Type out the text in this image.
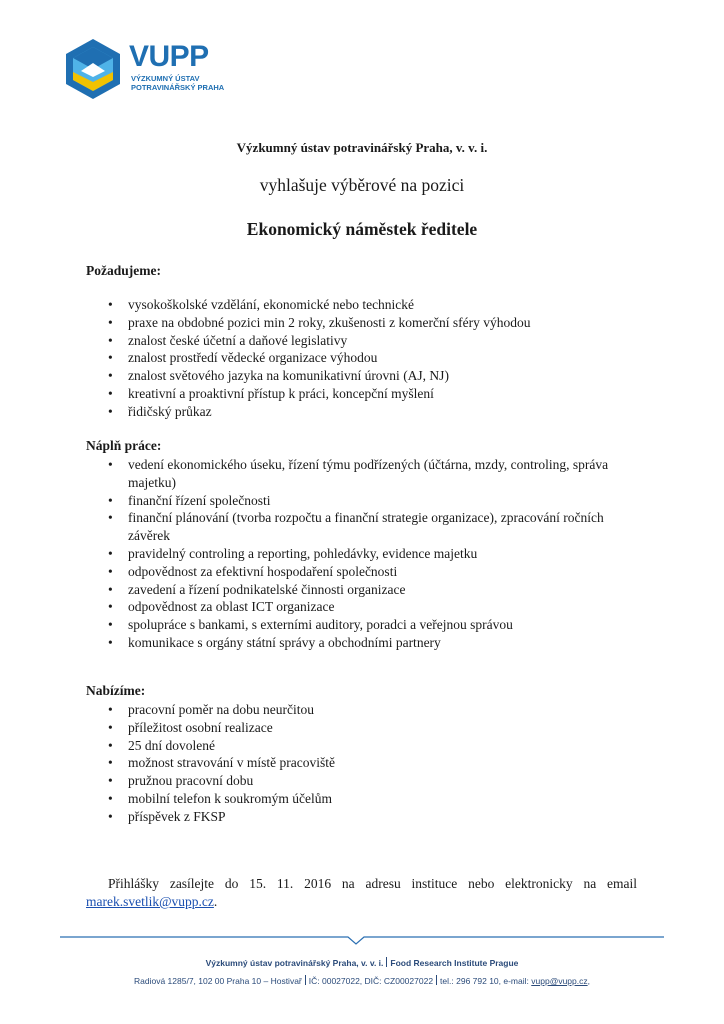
VUPP
VÝZKUMNÝ ÚSTAV
POTRAVINÁŘSKÝ PRAHA
Výzkumný ústav potravinářský Praha, v. v. i.
vyhlašuje výběrové na pozici
Ekonomický náměstek ředitele
Požadujeme:
• vysokoškolské vzdělání, ekonomické nebo technické
• praxe na obdobné pozici min 2 roky, zkušenosti z komerční sféry výhodou
• znalost české účetní a daňové legislativy
• znalost prostředí vědecké organizace výhodou
• znalost světového jazyka na komunikativní úrovni (AJ, NJ)
• kreativní a proaktivní přístup k práci, koncepční myšlení
• řidičský průkaz
Náplň práce:
• vedení ekonomického úseku, řízení týmu podřízených (účtárna, mzdy, controling, správa majetku)
• finanční řízení společnosti
• finanční plánování (tvorba rozpočtu a finanční strategie organizace), zpracování ročních závěrek
• pravidelný controling a reporting, pohledávky, evidence majetku
• odpovědnost za efektivní hospodaření společnosti
• zavedení a řízení podnikatelské činnosti organizace
• odpovědnost za oblast ICT organizace
• spolupráce s bankami, s externími auditory, poradci a veřejnou správou
• komunikace s orgány státní správy a obchodními partnery
Nabízíme:
• pracovní poměr na dobu neurčitou
• příležitost osobní realizace
• 25 dní dovolené
• možnost stravování v místě pracoviště
• pružnou pracovní dobu
• mobilní telefon k soukromým účelům
• příspěvek z FKSP
Přihlášky zasílejte do 15. 11. 2016 na adresu instituce nebo elektronicky na email marek.svetlik@vupp.cz.
Výzkumný ústav potravinářský Praha, v. v. i. Food Research Institute Prague
Radiová 1285/7, 102 00 Praha 10 – Hostivař IČ: 00027022, DIČ: CZ00027022 tel.: 296 792 10, e-mail: vupp@vupp.cz,
